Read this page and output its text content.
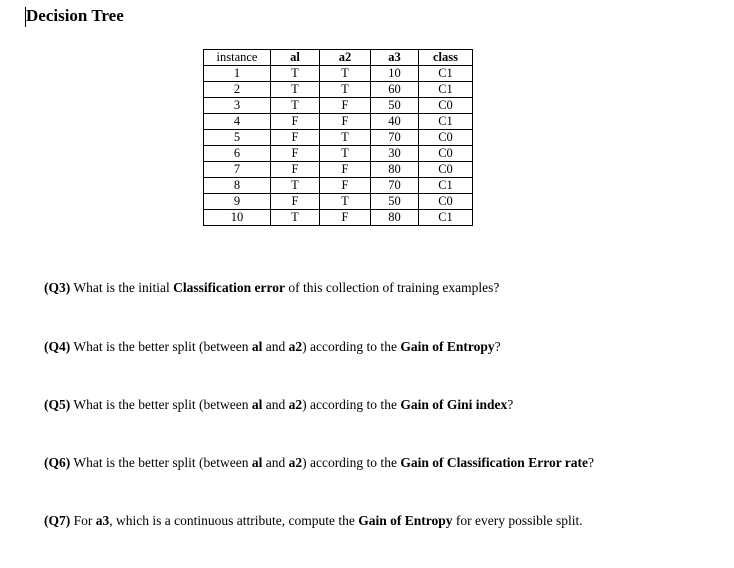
Decision Tree
instance	al	a2	a3	class
1	T	T	10	C1
2	T	T	60	C1
3	T	F	50	C0
4	F	F	40	C1
5	F	T	70	C0
6	F	T	30	C0
7	F	F	80	C0
8	T	F	70	C1
9	F	T	50	C0
10	T	F	80	C1

(Q3) What is the initial Classification error of this collection of training examples?

(Q4) What is the better split (between al and a2) according to the Gain of Entropy?

(Q5) What is the better split (between al and a2) according to the Gain of Gini index?

(Q6) What is the better split (between al and a2) according to the Gain of Classification Error rate?

(Q7) For a3, which is a continuous attribute, compute the Gain of Entropy for every possible split.
